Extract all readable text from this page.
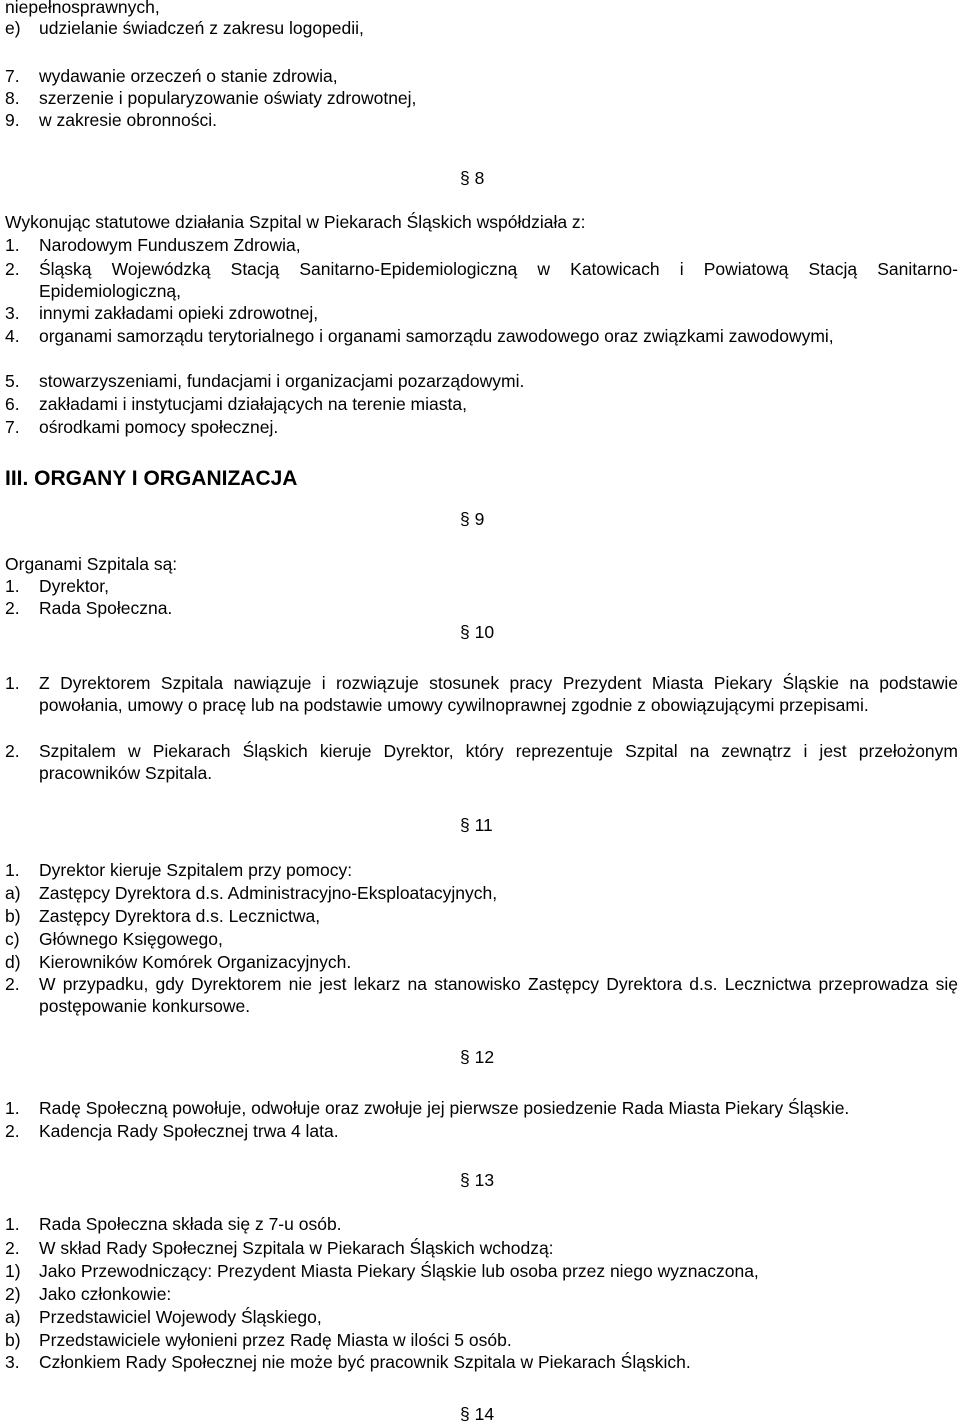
niepełnosprawnych,
e) udzielanie świadczeń z zakresu logopedii,
7. wydawanie orzeczeń o stanie zdrowia,
8. szerzenie i popularyzowanie oświaty zdrowotnej,
9. w zakresie obronności.
§ 8
Wykonując statutowe działania Szpital w Piekarach Śląskich współdziała z:
1. Narodowym Funduszem Zdrowia,
2. Śląską Wojewódzką Stacją Sanitarno-Epidemiologiczną w Katowicach i Powiatową Stacją Sanitarno-Epidemiologiczną,
3. innymi zakładami opieki zdrowotnej,
4. organami samorządu terytorialnego i organami samorządu zawodowego oraz związkami zawodowymi,
5. stowarzyszeniami, fundacjami i organizacjami pozarządowymi.
6. zakładami i instytucjami działających na terenie miasta,
7. ośrodkami pomocy społecznej.
III. ORGANY I ORGANIZACJA
§ 9
Organami Szpitala są:
1. Dyrektor,
2. Rada Społeczna.
§ 10
1. Z Dyrektorem Szpitala nawiązuje i rozwiązuje stosunek pracy Prezydent Miasta Piekary Śląskie na podstawie powołania, umowy o pracę lub na podstawie umowy cywilnoprawnej zgodnie z obowiązującymi przepisami.
2. Szpitalem w Piekarach Śląskich kieruje Dyrektor, który reprezentuje Szpital na zewnątrz i jest przełożonym pracowników Szpitala.
§ 11
1. Dyrektor kieruje Szpitalem przy pomocy:
a) Zastępcy Dyrektora d.s. Administracyjno-Eksploatacyjnych,
b) Zastępcy Dyrektora d.s. Lecznictwa,
c) Głównego Księgowego,
d) Kierowników Komórek Organizacyjnych.
2. W przypadku, gdy Dyrektorem nie jest lekarz na stanowisko Zastępcy Dyrektora d.s. Lecznictwa przeprowadza się postępowanie konkursowe.
§ 12
1. Radę Społeczną powołuje, odwołuje oraz zwołuje jej pierwsze posiedzenie Rada Miasta Piekary Śląskie.
2. Kadencja Rady Społecznej trwa 4 lata.
§ 13
1. Rada Społeczna składa się z 7-u osób.
2. W skład Rady Społecznej Szpitala w Piekarach Śląskich wchodzą:
1) Jako Przewodniczący: Prezydent Miasta Piekary Śląskie lub osoba przez niego wyznaczona,
2) Jako członkowie:
a) Przedstawiciel Wojewody Śląskiego,
b) Przedstawiciele wyłonieni przez Radę Miasta w ilości 5 osób.
3. Członkiem Rady Społecznej nie może być pracownik Szpitala w Piekarach Śląskich.
§ 14
